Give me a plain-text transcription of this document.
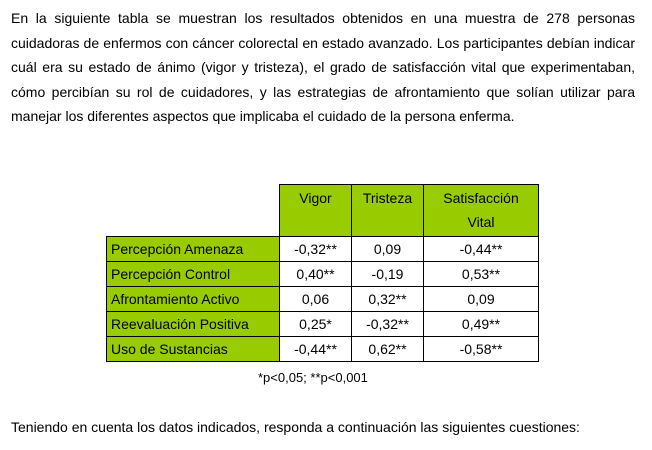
En la siguiente tabla se muestran los resultados obtenidos en una muestra de 278 personas cuidadoras de enfermos con cáncer colorectal en estado avanzado. Los participantes debían indicar cuál era su estado de ánimo (vigor y tristeza), el grado de satisfacción vital que experimentaban, cómo percibían su rol de cuidadores, y las estrategias de afrontamiento que solían utilizar para manejar los diferentes aspectos que implicaba el cuidado de la persona enferma.

	Vigor	Tristeza	Satisfacción Vital

Percepción Amenaza	-0,32**	0,09	-0,44**
Percepción Control	0,40**	-0,19	0,53**
Afrontamiento Activo	0,06	0,32**	0,09
Reevaluación Positiva	0,25*	-0,32**	0,49**
Uso de Sustancias	-0,44**	0,62**	-0,58**

*p<0,05; **p<0,001

Teniendo en cuenta los datos indicados, responda a continuación las siguientes cuestiones:
